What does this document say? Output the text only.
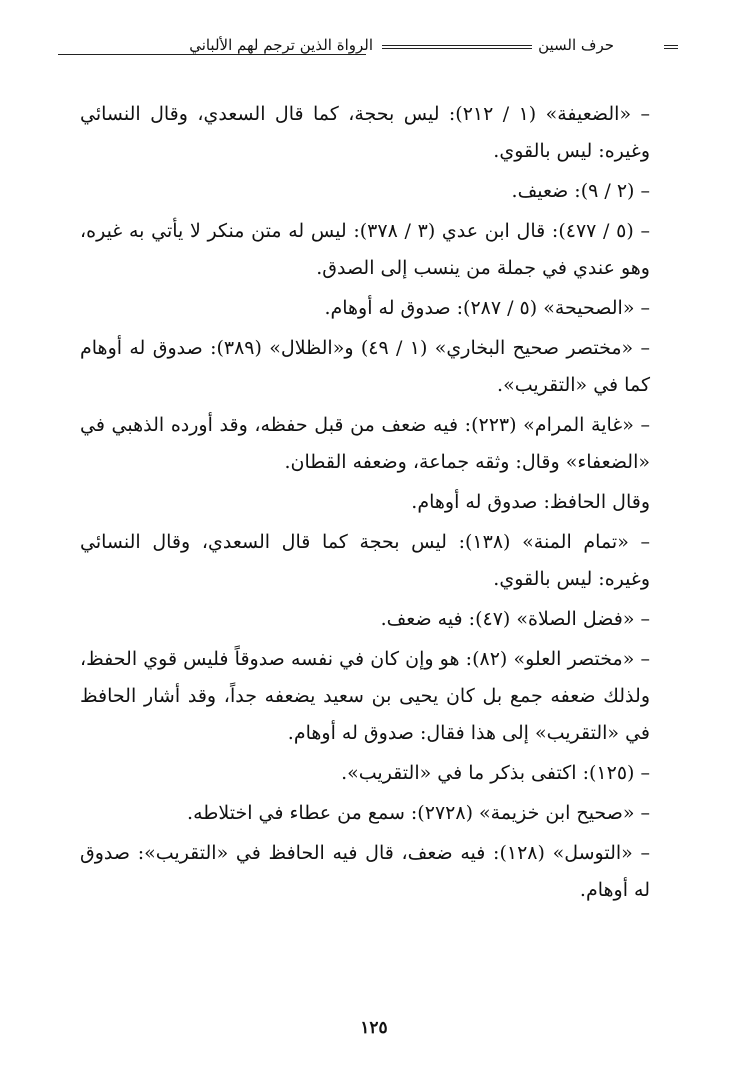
حرف السين
الرواة الذين ترجم لهم الألباني

– «الضعيفة» (١ / ٢١٢): ليس بحجة، كما قال السعدي، وقال النسائي وغيره: ليس بالقوي.

– (٢ / ٩): ضعيف.

– (٥ / ٤٧٧): قال ابن عدي (٣ / ٣٧٨): ليس له متن منكر لا يأتي به غيره، وهو عندي في جملة من ينسب إلى الصدق.

– «الصحيحة» (٥ / ٢٨٧): صدوق له أوهام.

– «مختصر صحيح البخاري» (١ / ٤٩) و«الظلال» (٣٨٩): صدوق له أوهام كما في «التقريب».

– «غاية المرام» (٢٢٣): فيه ضعف من قبل حفظه، وقد أورده الذهبي في «الضعفاء» وقال: وثقه جماعة، وضعفه القطان.

وقال الحافظ: صدوق له أوهام.

– «تمام المنة» (١٣٨): ليس بحجة كما قال السعدي، وقال النسائي وغيره: ليس بالقوي.

– «فضل الصلاة» (٤٧): فيه ضعف.

– «مختصر العلو» (٨٢): هو وإن كان في نفسه صدوقاً فليس قوي الحفظ، ولذلك ضعفه جمع بل كان يحيى بن سعيد يضعفه جداً، وقد أشار الحافظ في «التقريب» إلى هذا فقال: صدوق له أوهام.

– (١٢٥): اكتفى بذكر ما في «التقريب».

– «صحيح ابن خزيمة» (٢٧٢٨): سمع من عطاء في اختلاطه.

– «التوسل» (١٢٨): فيه ضعف، قال فيه الحافظ في «التقريب»: صدوق له أوهام.

١٢٥
